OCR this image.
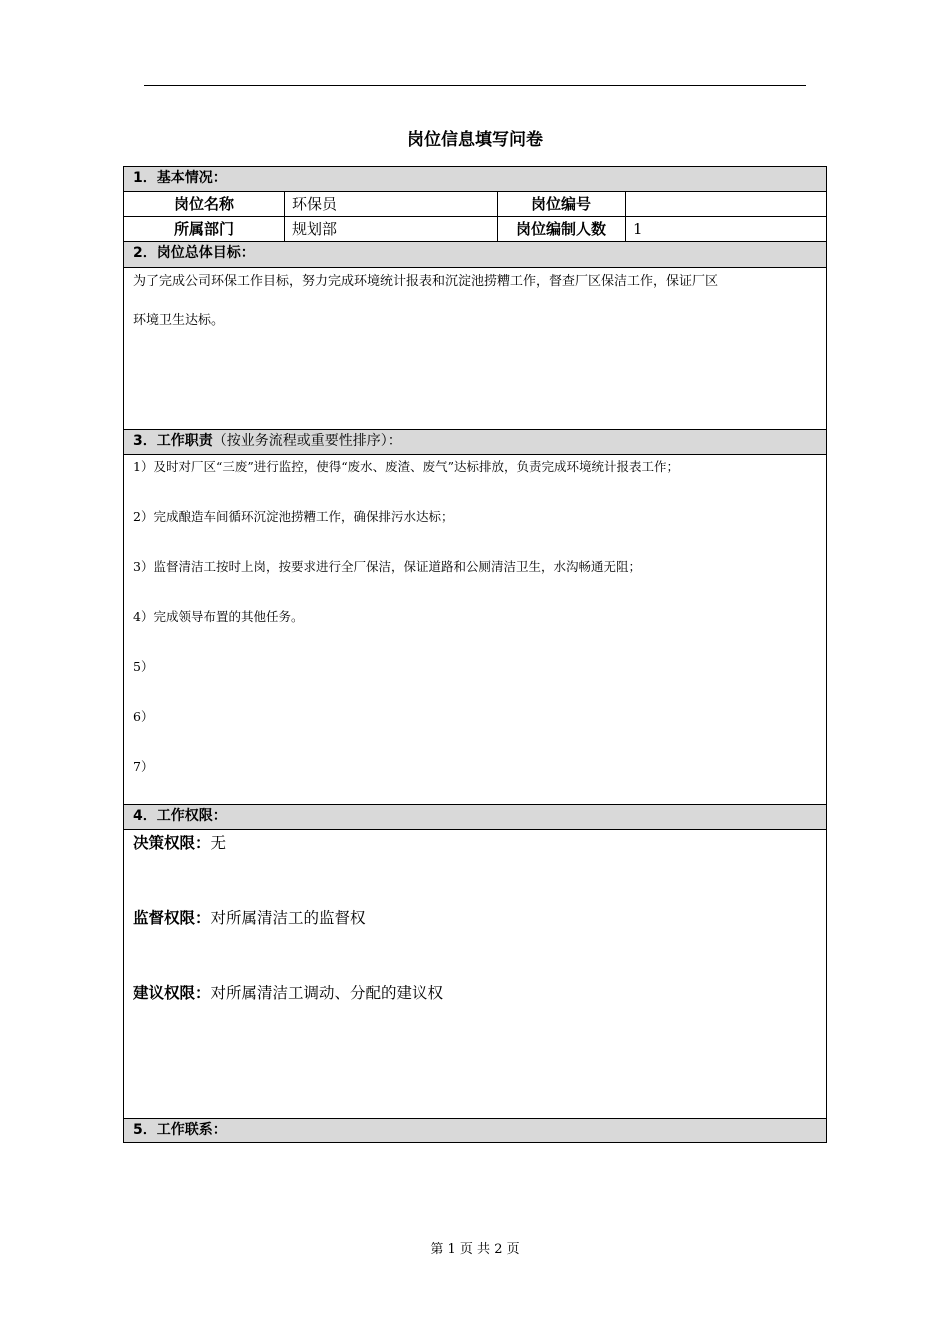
岗位信息填写问卷
1．基本情况：
岗位名称	环保员	岗位编号
所属部门	规划部	岗位编制人数	1
2．岗位总体目标：
为了完成公司环保工作目标，努力完成环境统计报表和沉淀池捞糟工作，督查厂区保洁工作，保证厂区
环境卫生达标。
3．工作职责（按业务流程或重要性排序）：
1）及时对厂区“三废”进行监控，使得“废水、废渣、废气”达标排放，负责完成环境统计报表工作；
2）完成酿造车间循环沉淀池捞糟工作，确保排污水达标；
3）监督清洁工按时上岗，按要求进行全厂保洁，保证道路和公厕清洁卫生，水沟畅通无阻；
4）完成领导布置的其他任务。
5）
6）
7）
4．工作权限：
决策权限：无
监督权限：对所属清洁工的监督权
建议权限：对所属清洁工调动、分配的建议权
5．工作联系：
第 1 页 共 2 页
